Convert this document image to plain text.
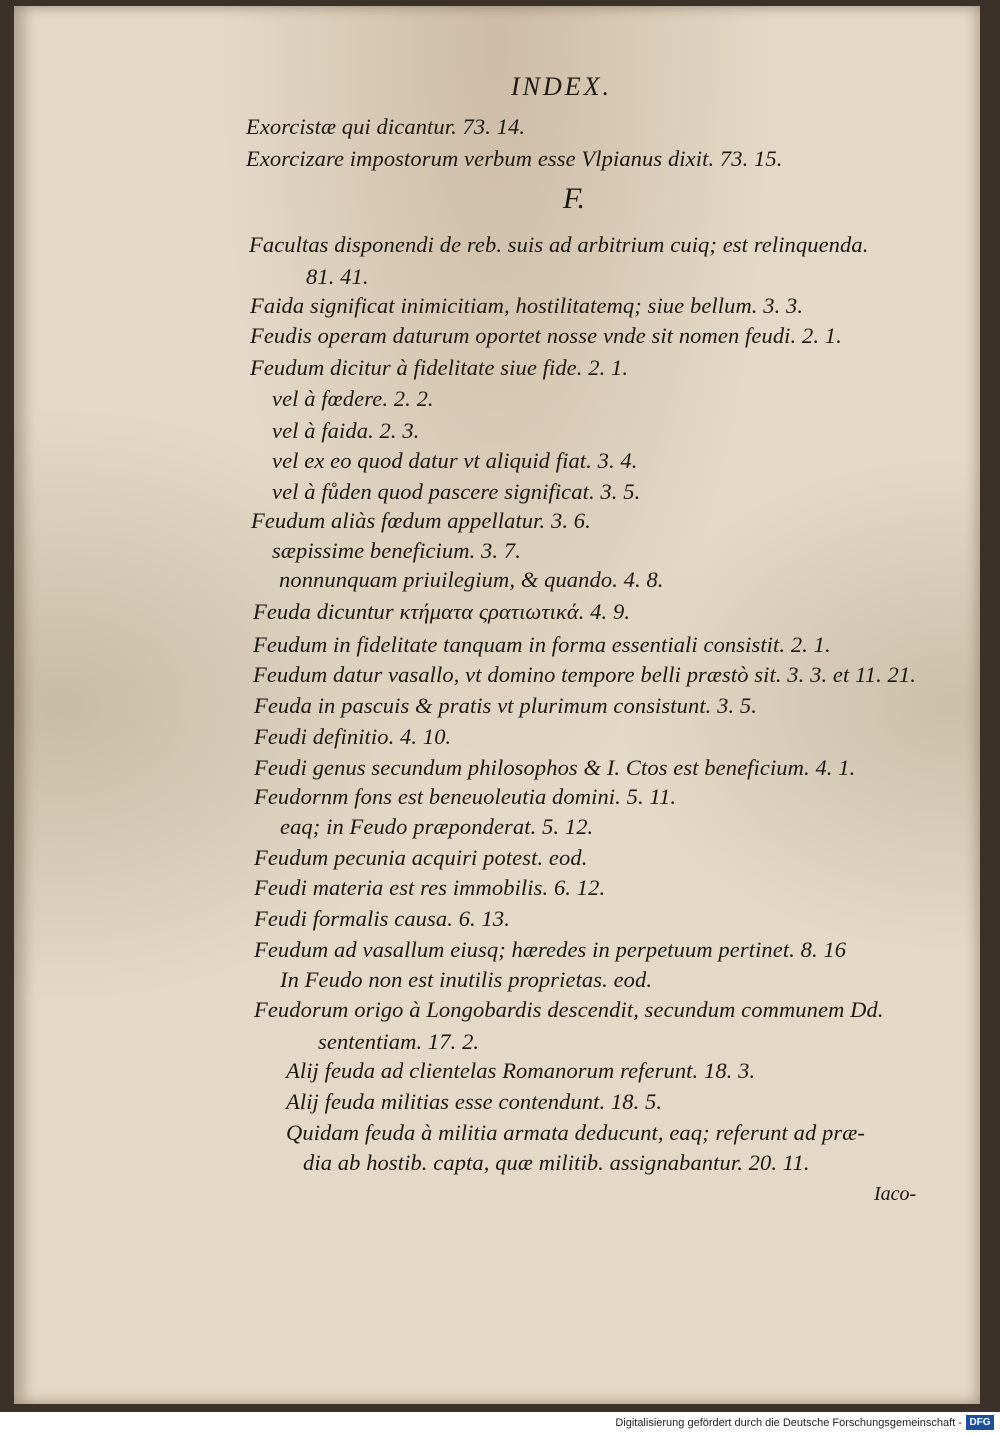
INDEX.
Exorcistæ qui dicantur. 73. 14.
Exorcizare impostorum verbum esse Vlpianus dixit. 73. 15.
F.
Facultas disponendi de reb. suis ad arbitrium cuiq; est relinquenda.
81. 41.
Faida significat inimicitiam, hostilitatemq; siue bellum. 3. 3.
Feudis operam daturum oportet nosse vnde sit nomen feudi. 2. 1.
Feudum dicitur à fidelitate siue fide. 2. 1.
vel à fœdere. 2. 2.
vel à faida. 2. 3.
vel ex eo quod datur vt aliquid fiat. 3. 4.
vel à fůden quod pascere significat. 3. 5.
Feudum aliàs fœdum appellatur. 3. 6.
sæpissime beneficium. 3. 7.
nonnunquam priuilegium, & quando. 4. 8.
Feuda dicuntur κτήματα ςρατιωτικά. 4. 9.
Feudum in fidelitate tanquam in forma essentiali consistit. 2. 1.
Feudum datur vasallo, vt domino tempore belli præstò sit. 3. 3. et 11. 21.
Feuda in pascuis & pratis vt plurimum consistunt. 3. 5.
Feudi definitio. 4. 10.
Feudi genus secundum philosophos & I. Ctos est beneficium. 4. 1.
Feudornm fons est beneuoleutia domini. 5. 11.
eaq; in Feudo præponderat. 5. 12.
Feudum pecunia acquiri potest. eod.
Feudi materia est res immobilis. 6. 12.
Feudi formalis causa. 6. 13.
Feudum ad vasallum eiusq; hæredes in perpetuum pertinet. 8. 16
In Feudo non est inutilis proprietas. eod.
Feudorum origo à Longobardis descendit, secundum communem Dd.
sententiam. 17. 2.
Alij feuda ad clientelas Romanorum referunt. 18. 3.
Alij feuda militias esse contendunt. 18. 5.
Quidam feuda à militia armata deducunt, eaq; referunt ad præ-
dia ab hostib. capta, quæ militib. assignabantur. 20. 11.
Iaco-
Digitalisierung gefördert durch die Deutsche Forschungsgemeinschaft - DFG
